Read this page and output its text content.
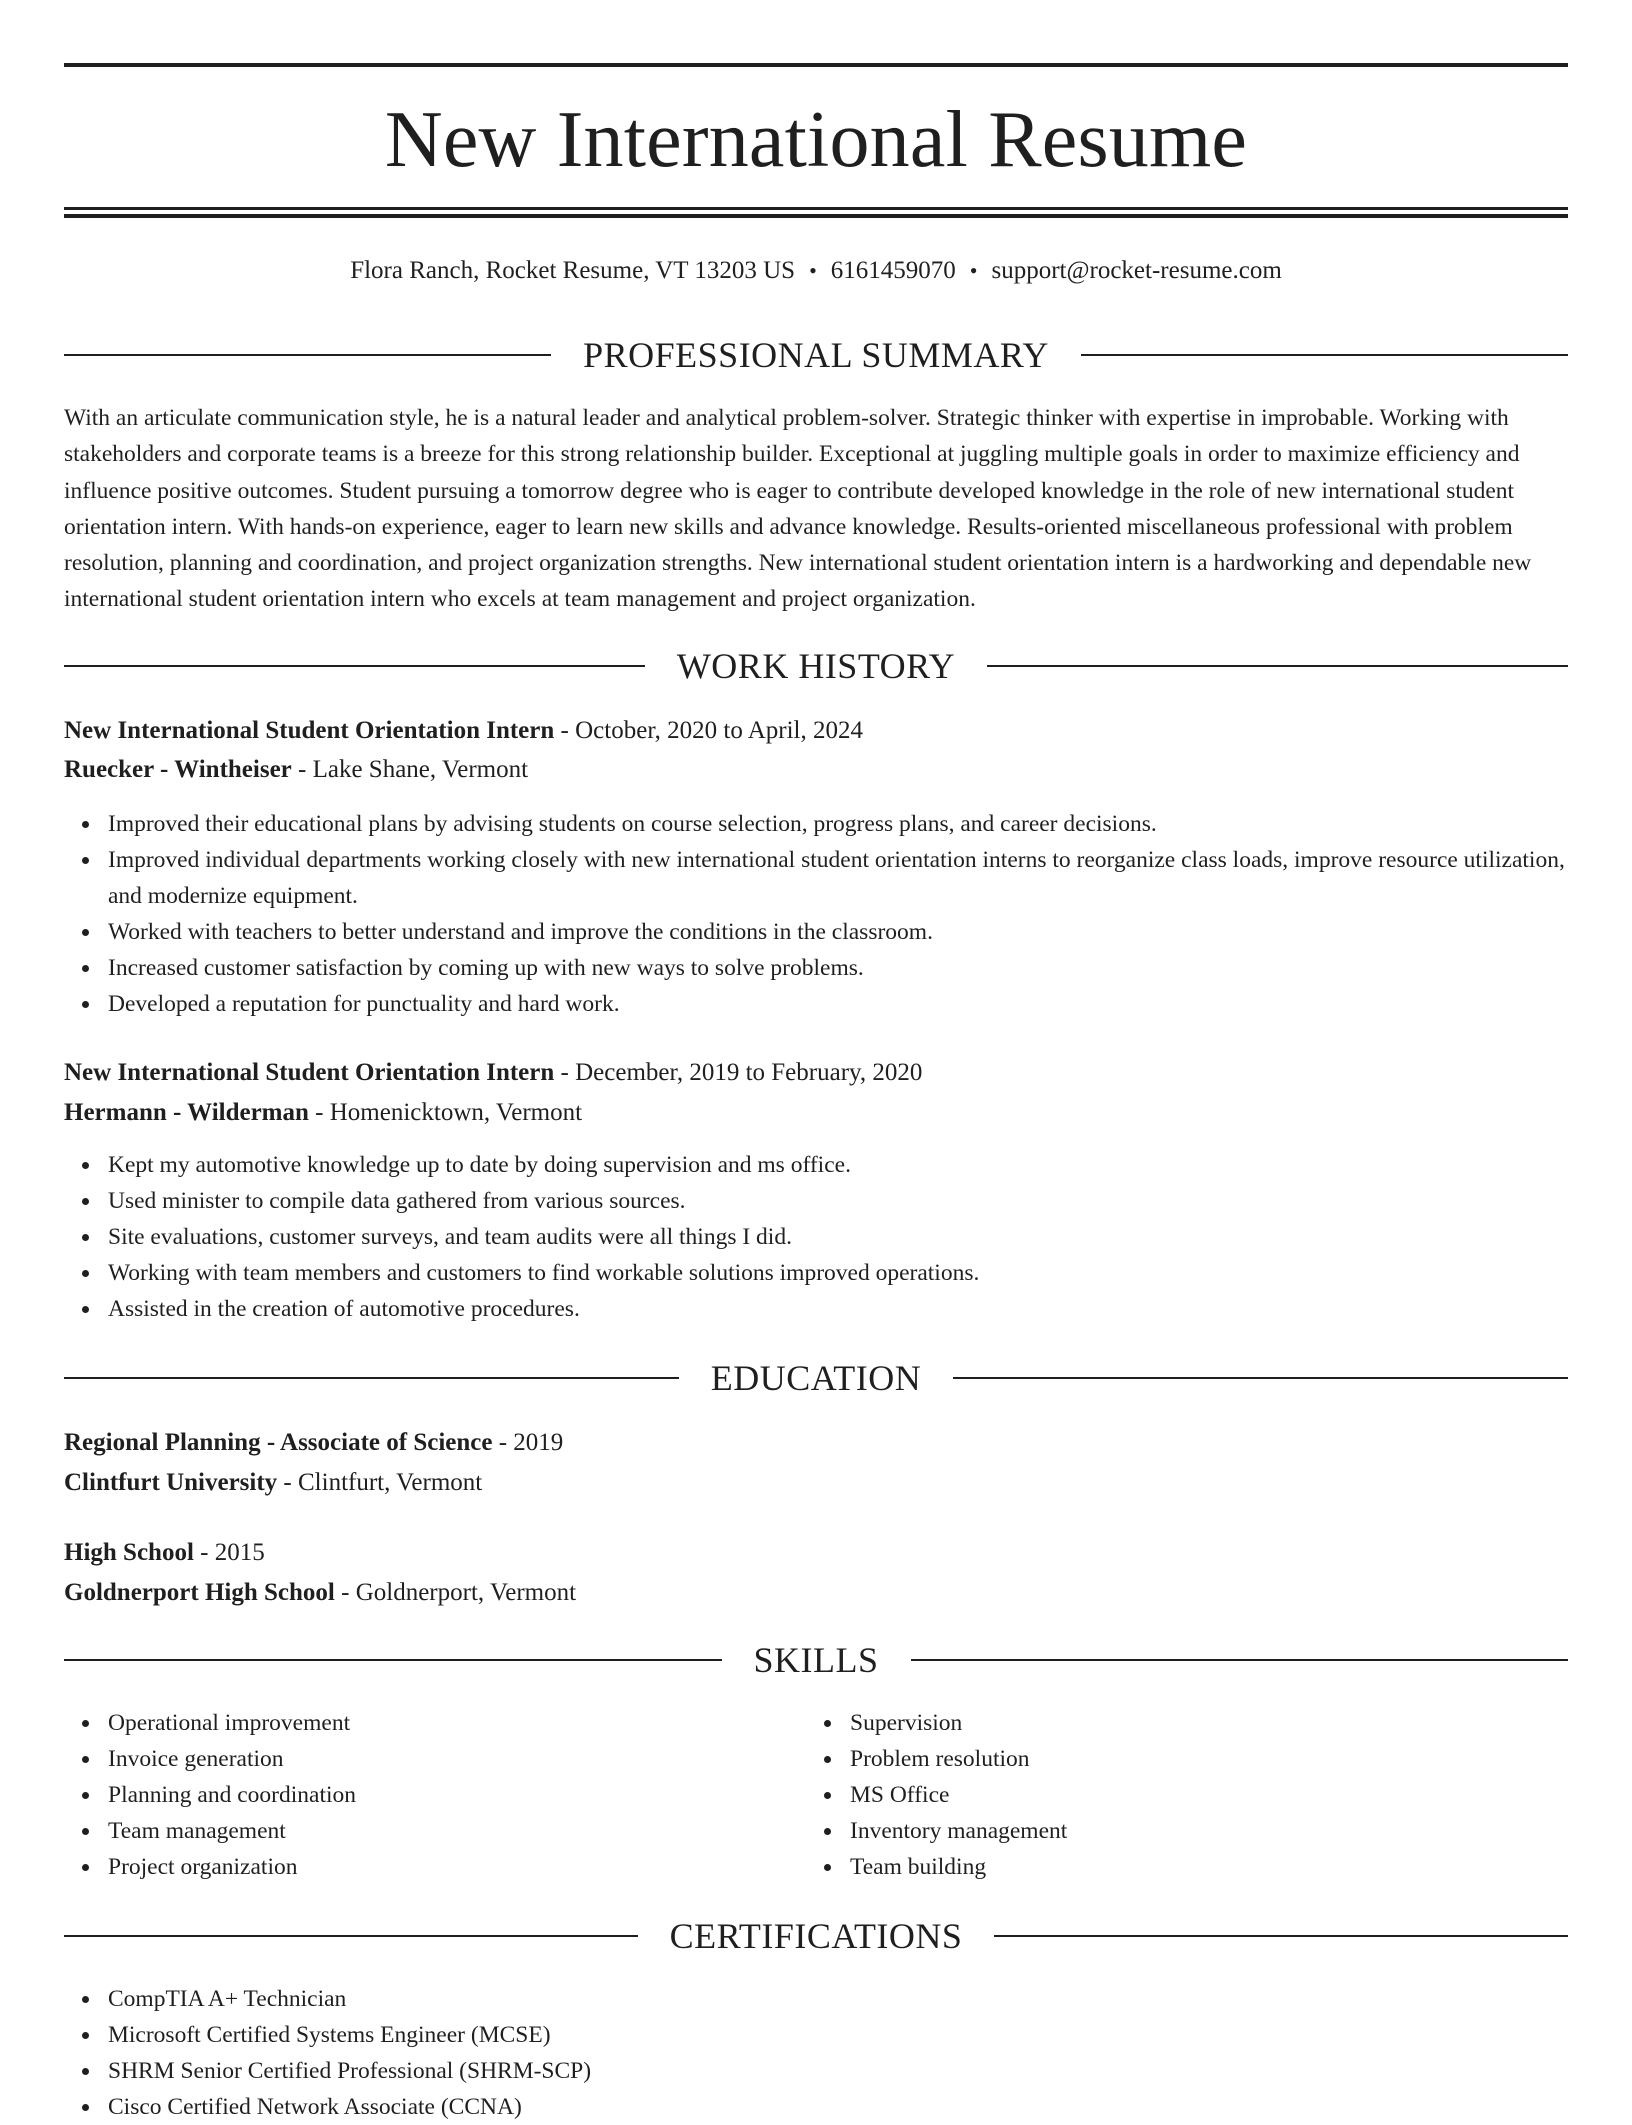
New International Resume
Flora Ranch, Rocket Resume, VT 13203 US • 6161459070 • support@rocket-resume.com
PROFESSIONAL SUMMARY

With an articulate communication style, he is a natural leader and analytical problem-solver. Strategic thinker with expertise in improbable. Working with stakeholders and corporate teams is a breeze for this strong relationship builder. Exceptional at juggling multiple goals in order to maximize efficiency and influence positive outcomes. Student pursuing a tomorrow degree who is eager to contribute developed knowledge in the role of new international student orientation intern. With hands-on experience, eager to learn new skills and advance knowledge. Results-oriented miscellaneous professional with problem resolution, planning and coordination, and project organization strengths. New international student orientation intern is a hardworking and dependable new international student orientation intern who excels at team management and project organization.

WORK HISTORY
New International Student Orientation Intern - October, 2020 to April, 2024
Ruecker - Wintheiser - Lake Shane, Vermont
Improved their educational plans by advising students on course selection, progress plans, and career decisions.
Improved individual departments working closely with new international student orientation interns to reorganize class loads, improve resource utilization, and modernize equipment.
Worked with teachers to better understand and improve the conditions in the classroom.
Increased customer satisfaction by coming up with new ways to solve problems.
Developed a reputation for punctuality and hard work.
New International Student Orientation Intern - December, 2019 to February, 2020
Hermann - Wilderman - Homenicktown, Vermont
Kept my automotive knowledge up to date by doing supervision and ms office.
Used minister to compile data gathered from various sources.
Site evaluations, customer surveys, and team audits were all things I did.
Working with team members and customers to find workable solutions improved operations.
Assisted in the creation of automotive procedures.
EDUCATION
Regional Planning - Associate of Science - 2019
Clintfurt University - Clintfurt, Vermont
High School - 2015
Goldnerport High School - Goldnerport, Vermont
SKILLS
Operational improvement
Invoice generation
Planning and coordination
Team management
Project organization
Supervision
Problem resolution
MS Office
Inventory management
Team building
CERTIFICATIONS
CompTIA A+ Technician
Microsoft Certified Systems Engineer (MCSE)
SHRM Senior Certified Professional (SHRM-SCP)
Cisco Certified Network Associate (CCNA)
